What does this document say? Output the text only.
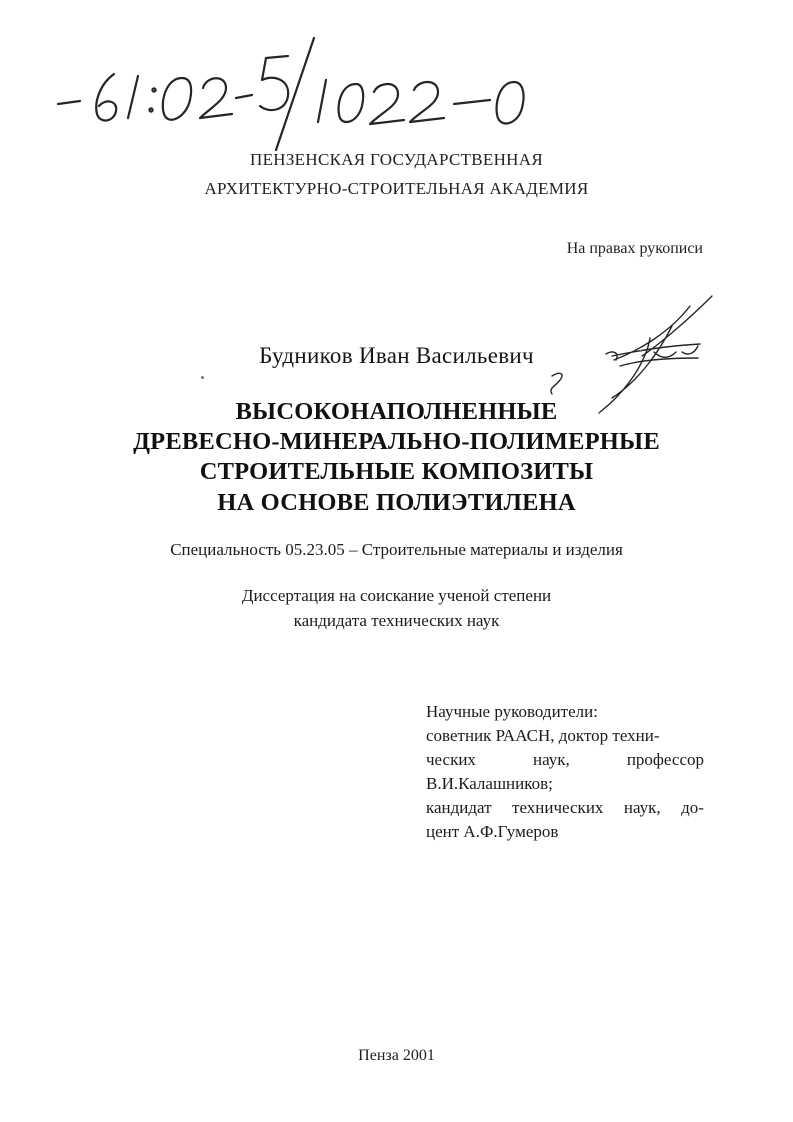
ПЕНЗЕНСКАЯ ГОСУДАРСТВЕННАЯ
АРХИТЕКТУРНО-СТРОИТЕЛЬНАЯ АКАДЕМИЯ
На правах рукописи
Будников Иван Васильевич
ВЫСОКОНАПОЛНЕННЫЕ
ДРЕВЕСНО-МИНЕРАЛЬНО-ПОЛИМЕРНЫЕ
СТРОИТЕЛЬНЫЕ КОМПОЗИТЫ
НА ОСНОВЕ ПОЛИЭТИЛЕНА
Специальность 05.23.05 – Строительные материалы и изделия
Диссертация на соискание ученой степени
кандидата технических наук
Научные руководители:
советник РААСН, доктор техни-
ческих	наук,	профессор
В.И.Калашников;
кандидат технических наук, до-
цент А.Ф.Гумеров
Пенза 2001
